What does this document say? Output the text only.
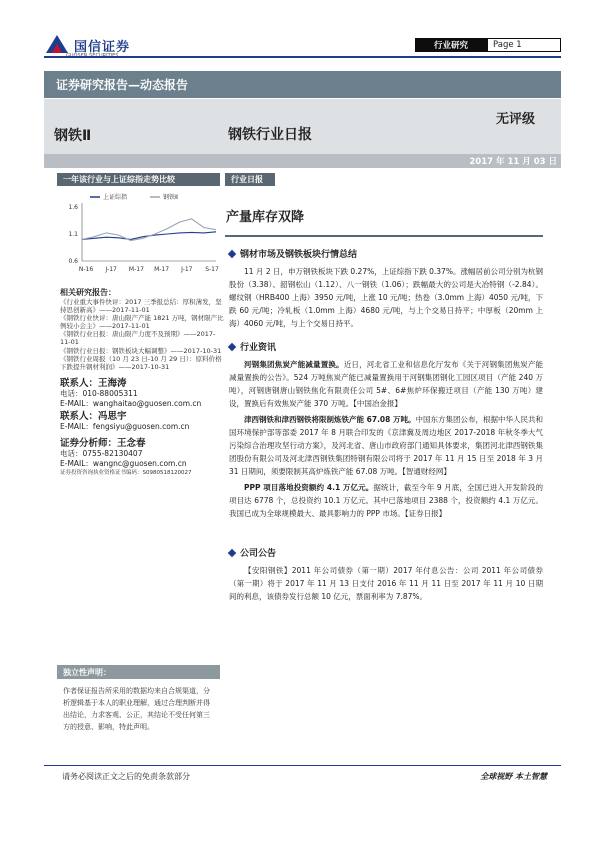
国信证券	行业研究	Page 1
证券研究报告—动态报告
钢铁Ⅱ	钢铁行业日报
无评级
2017 年 11 月 03 日
一年该行业与上证综指走势比较
1.6
1.1
0.6
N-16 J-17 M-17 M-17 J-17 S-17
上证综指	钢铁Ⅱ
相关研究报告：

《行业重大事件快评：2017 三季报总结：厚积薄发，坚持思创新高》——2017-11-01

《钢铁行业快评：唐山限产产能 1821 万吨，钢材限产比例较小会主》——2017-11-01

《钢铁行业日报：唐山限产力度不及预期》——2017-11-01

《钢铁行业日报：钢铁板块大幅调整》——2017-10-31

《钢铁行业周报（10 月 23 日-10 月 29 日）：原料价格下跌提升钢材利润》——2017-10-31

联系人：王海涛
电话：010-88005311
E-MAIL：wanghaitao@guosen.com.cn
联系人：冯思宇
E-MAIL：fengsiyu@guosen.com.cn
证券分析师：王念春
电话：0755-82130407
E-MAIL：wangnc@guosen.com.cn
证券投资咨询执业资格证书编码：S0980518120027
独立性声明：
作者保证报告所采用的数据均来自合规渠道，分析逻辑基于本人的职业理解，通过合理判断并得出结论，力求客观、公正，其结论不受任何第三方的授意、影响，特此声明。
行业日报
产量库存双降
钢材市场及钢铁板块行情总结

11 月 2 日，申万钢铁板块下跌 0.27%，上证综指下跌 0.37%。涨幅居前公司分别为杭钢股份（3.38）、韶钢松山（1.12）、八一钢铁（1.06）；跌幅最大的公司是大冶特钢（-2.84）。螺纹钢（HRB400 上海）3950 元/吨，上涨 10 元/吨；热卷（3.0mm 上海）4050 元/吨，下跌 60 元/吨；冷轧板（1.0mm 上海）4680 元/吨，与上个交易日持平；中厚板（20mm 上海）4060 元/吨，与上个交易日持平。

行业资讯

河钢集团焦炭产能减量置换。近日，河北省工业和信息化厅发布《关于河钢集团焦炭产能减量置换的公告》。524 万吨焦炭产能已减量置换用于河钢集团钢化工园区项目（产能 240 万吨），河钢唐钢唐山钢铁焦化有限责任公司 5#、6#焦炉环保搬迁项目（产能 130 万吨）建设，置换后有效焦炭产能 370 万吨。【中国冶金报】

津西钢铁和津西钢铁将限制炼铁产能 67.08 万吨。中国东方集团公布，根据中华人民共和国环境保护部等部委 2017 年 8 月联合印发的《京津冀及周边地区 2017-2018 年秋冬季大气污染综合治理攻坚行动方案》，及河北省、唐山市政府部门通知具体要求，集团河北津西钢铁集团股份有限公司及河北津西钢铁集团特钢有限公司将于 2017 年 11 月 15 日至 2018 年 3 月 31 日期间，须要限制其高炉炼铁产能 67.08 万吨。【智通财经网】

PPP 项目落地投资额约 4.1 万亿元。据统计，截至今年 9 月底，全国已进入开发阶段的项目达 6778 个，总投资约 10.1 万亿元。其中已落地项目 2388 个，投资额约 4.1 万亿元。我国已成为全球规模最大、最具影响力的 PPP 市场。【证券日报】

公司公告

【安阳钢铁】2011 年公司债券（第一期）2017 年付息公告：公司 2011 年公司债券（第一期）将于 2017 年 11 月 13 日支付 2016 年 11 月 11 日至 2017 年 11 月 10 日期间的利息，该债券发行总额 10 亿元，票面利率为 7.87%。

请务必阅读正文之后的免责条款部分	全球视野 本土智慧
